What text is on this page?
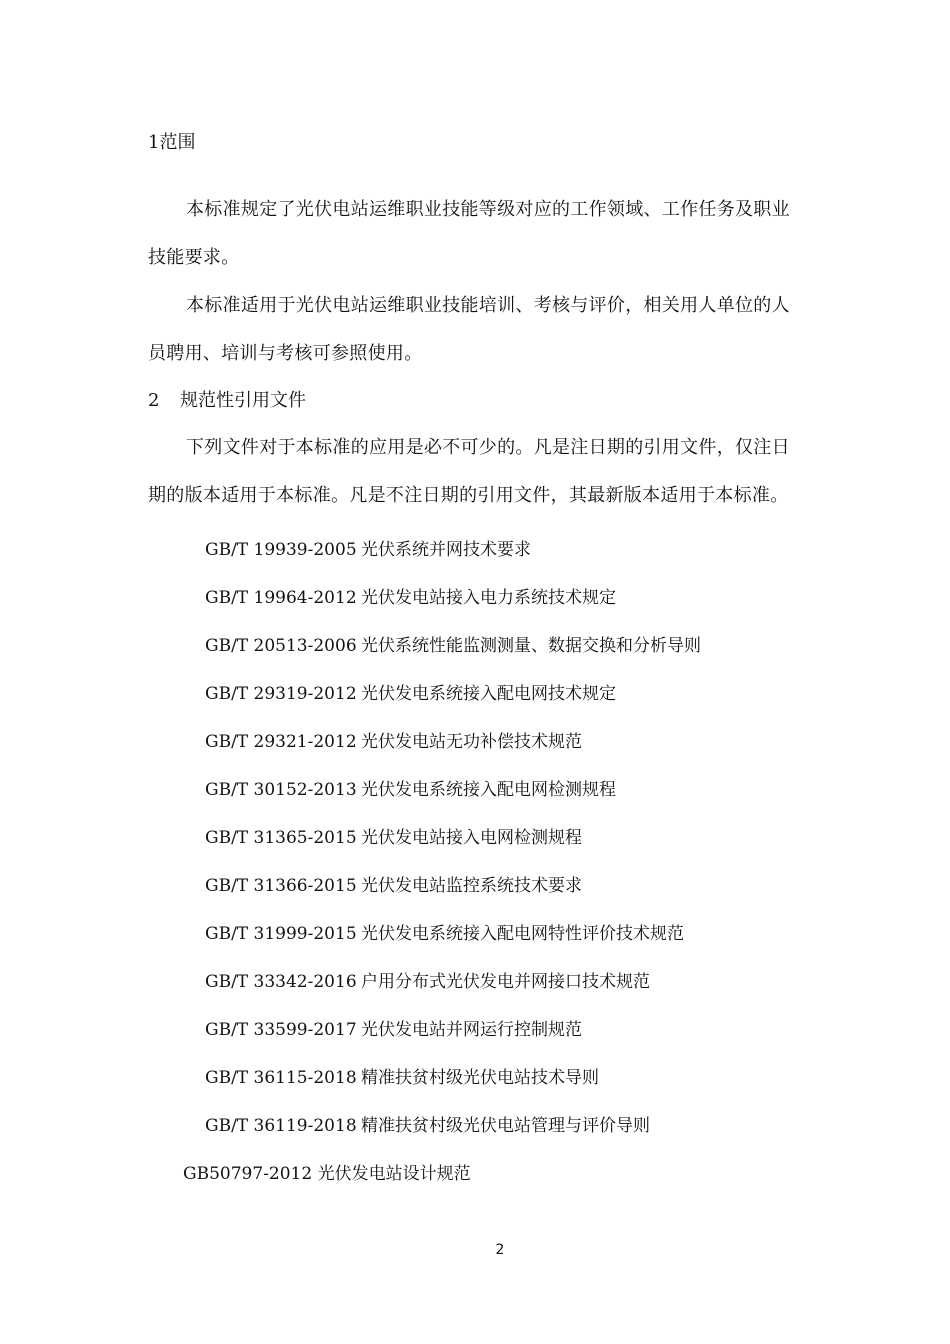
1范围
本标准规定了光伏电站运维职业技能等级对应的工作领域、工作任务及职业
技能要求。
本标准适用于光伏电站运维职业技能培训、考核与评价，相关用人单位的人
员聘用、培训与考核可参照使用。
2 规范性引用文件
下列文件对于本标准的应用是必不可少的。凡是注日期的引用文件，仅注日
期的版本适用于本标准。凡是不注日期的引用文件，其最新版本适用于本标准。
GB/T 19939-2005 光伏系统并网技术要求
GB/T 19964-2012 光伏发电站接入电力系统技术规定
GB/T 20513-2006 光伏系统性能监测测量、数据交换和分析导则
GB/T 29319-2012 光伏发电系统接入配电网技术规定
GB/T 29321-2012 光伏发电站无功补偿技术规范
GB/T 30152-2013 光伏发电系统接入配电网检测规程
GB/T 31365-2015 光伏发电站接入电网检测规程
GB/T 31366-2015 光伏发电站监控系统技术要求
GB/T 31999-2015 光伏发电系统接入配电网特性评价技术规范
GB/T 33342-2016 户用分布式光伏发电并网接口技术规范
GB/T 33599-2017 光伏发电站并网运行控制规范
GB/T 36115-2018 精准扶贫村级光伏电站技术导则
GB/T 36119-2018 精准扶贫村级光伏电站管理与评价导则
GB50797-2012 光伏发电站设计规范
2
